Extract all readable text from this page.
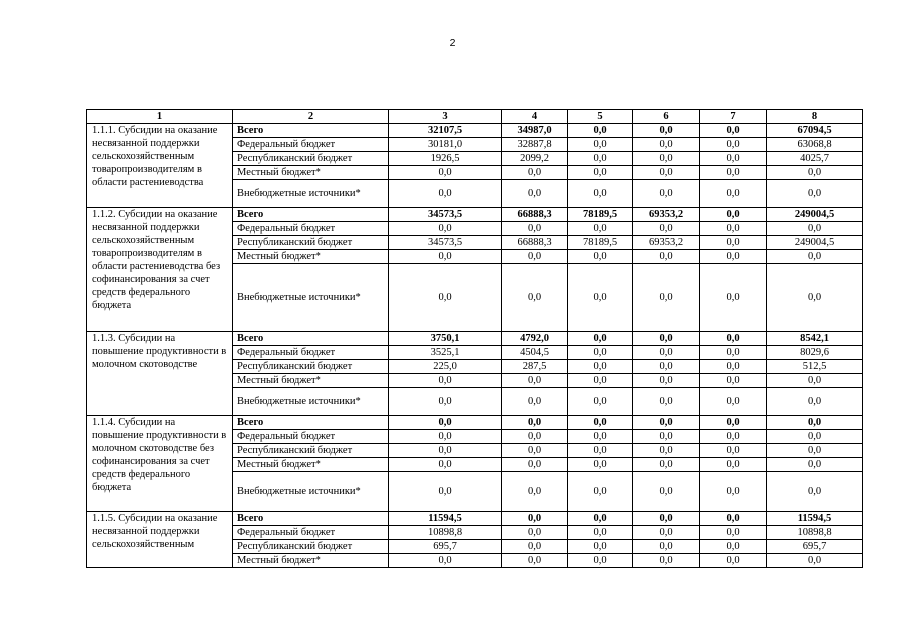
2
1	2	3	4	5	6	7	8
1.1.1. Субсидии на оказание несвязанной поддержки сельскохозяйственным товаропроизводителям в области растениеводства	Всего	32107,5	34987,0	0,0	0,0	0,0	67094,5
	Федеральный бюджет	30181,0	32887,8	0,0	0,0	0,0	63068,8
	Республиканский бюджет	1926,5	2099,2	0,0	0,0	0,0	4025,7
	Местный бюджет*	0,0	0,0	0,0	0,0	0,0	0,0
	Внебюджетные источники*	0,0	0,0	0,0	0,0	0,0	0,0
1.1.2. Субсидии на оказание несвязанной поддержки сельскохозяйственным товаропроизводителям в области растениеводства без софинансирования за счет средств федерального бюджета	Всего	34573,5	66888,3	78189,5	69353,2	0,0	249004,5
	Федеральный бюджет	0,0	0,0	0,0	0,0	0,0	0,0
	Республиканский бюджет	34573,5	66888,3	78189,5	69353,2	0,0	249004,5
	Местный бюджет*	0,0	0,0	0,0	0,0	0,0	0,0
	Внебюджетные источники*	0,0	0,0	0,0	0,0	0,0	0,0
1.1.3. Субсидии на повышение продуктивности в молочном скотоводстве	Всего	3750,1	4792,0	0,0	0,0	0,0	8542,1
	Федеральный бюджет	3525,1	4504,5	0,0	0,0	0,0	8029,6
	Республиканский бюджет	225,0	287,5	0,0	0,0	0,0	512,5
	Местный бюджет*	0,0	0,0	0,0	0,0	0,0	0,0
	Внебюджетные источники*	0,0	0,0	0,0	0,0	0,0	0,0
1.1.4. Субсидии на повышение продуктивности в молочном скотоводстве без софинансирования за счет средств федерального бюджета	Всего	0,0	0,0	0,0	0,0	0,0	0,0
	Федеральный бюджет	0,0	0,0	0,0	0,0	0,0	0,0
	Республиканский бюджет	0,0	0,0	0,0	0,0	0,0	0,0
	Местный бюджет*	0,0	0,0	0,0	0,0	0,0	0,0
	Внебюджетные источники*	0,0	0,0	0,0	0,0	0,0	0,0
1.1.5. Субсидии на оказание несвязанной поддержки сельскохозяйственным	Всего	11594,5	0,0	0,0	0,0	0,0	11594,5
	Федеральный бюджет	10898,8	0,0	0,0	0,0	0,0	10898,8
	Республиканский бюджет	695,7	0,0	0,0	0,0	0,0	695,7
	Местный бюджет*	0,0	0,0	0,0	0,0	0,0	0,0
